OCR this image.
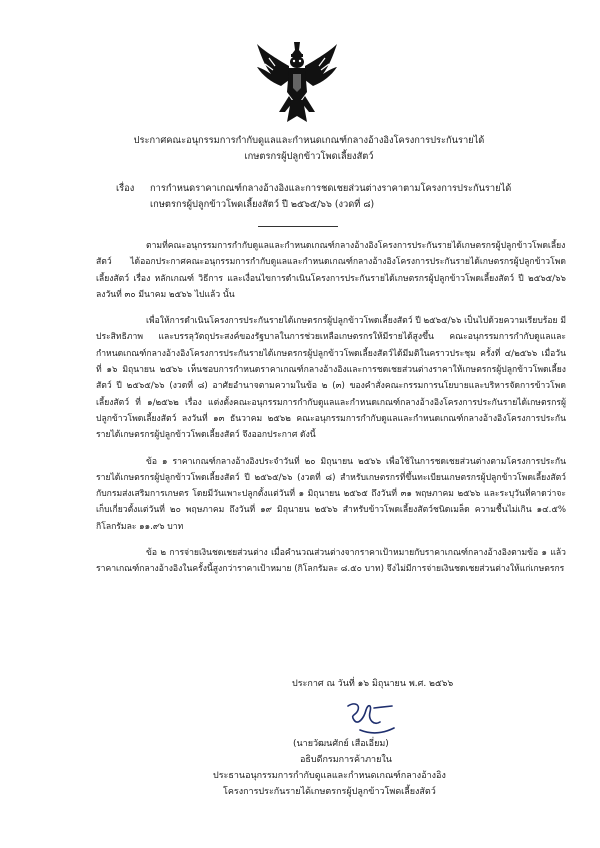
ประกาศคณะอนุกรรมการกำกับดูแลและกำหนดเกณฑ์กลางอ้างอิงโครงการประกันรายได้
เกษตรกรผู้ปลูกข้าวโพดเลี้ยงสัตว์
เรื่อง การกำหนดราคาเกณฑ์กลางอ้างอิงและการชดเชยส่วนต่างราคาตามโครงการประกันรายได้
เกษตรกรผู้ปลูกข้าวโพดเลี้ยงสัตว์ ปี ๒๕๖๕/๖๖ (งวดที่ ๘)

ตามที่คณะอนุกรรมการกำกับดูแลและกำหนดเกณฑ์กลางอ้างอิงโครงการประกันรายได้เกษตรกรผู้ปลูกข้าวโพดเลี้ยงสัตว์ ได้ออกประกาศคณะอนุกรรมการกำกับดูแลและกำหนดเกณฑ์กลางอ้างอิงโครงการประกันรายได้เกษตรกรผู้ปลูกข้าวโพดเลี้ยงสัตว์ เรื่อง หลักเกณฑ์ วิธีการ และเงื่อนไขการดำเนินโครงการประกันรายได้เกษตรกรผู้ปลูกข้าวโพดเลี้ยงสัตว์ ปี ๒๕๖๕/๖๖ ลงวันที่ ๓๐ มีนาคม ๒๕๖๖ ไปแล้ว นั้น

เพื่อให้การดำเนินโครงการประกันรายได้เกษตรกรผู้ปลูกข้าวโพดเลี้ยงสัตว์ ปี ๒๕๖๕/๖๖ เป็นไปด้วยความเรียบร้อย มีประสิทธิภาพ และบรรลุวัตถุประสงค์ของรัฐบาลในการช่วยเหลือเกษตรกรให้มีรายได้สูงขึ้น คณะอนุกรรมการกำกับดูแลและกำหนดเกณฑ์กลางอ้างอิงโครงการประกันรายได้เกษตรกรผู้ปลูกข้าวโพดเลี้ยงสัตว์ได้มีมติในคราวประชุม ครั้งที่ ๔/๒๕๖๖ เมื่อวันที่ ๑๖ มิถุนายน ๒๕๖๖ เห็นชอบการกำหนดราคาเกณฑ์กลางอ้างอิงและการชดเชยส่วนต่างราคาให้เกษตรกรผู้ปลูกข้าวโพดเลี้ยงสัตว์ ปี ๒๕๖๕/๖๖ (งวดที่ ๘) อาศัยอำนาจตามความในข้อ ๒ (๓) ของคำสั่งคณะกรรมการนโยบายและบริหารจัดการข้าวโพดเลี้ยงสัตว์ ที่ ๑/๒๕๖๒ เรื่อง แต่งตั้งคณะอนุกรรมการกำกับดูแลและกำหนดเกณฑ์กลางอ้างอิงโครงการประกันรายได้เกษตรกรผู้ปลูกข้าวโพดเลี้ยงสัตว์ ลงวันที่ ๑๓ ธันวาคม ๒๕๖๒ คณะอนุกรรมการกำกับดูแลและกำหนดเกณฑ์กลางอ้างอิงโครงการประกันรายได้เกษตรกรผู้ปลูกข้าวโพดเลี้ยงสัตว์ จึงออกประกาศ ดังนี้

ข้อ ๑ ราคาเกณฑ์กลางอ้างอิงประจำวันที่ ๒๐ มิถุนายน ๒๕๖๖ เพื่อใช้ในการชดเชยส่วนต่างตามโครงการประกันรายได้เกษตรกรผู้ปลูกข้าวโพดเลี้ยงสัตว์ ปี ๒๕๖๕/๖๖ (งวดที่ ๘) สำหรับเกษตรกรที่ขึ้นทะเบียนเกษตรกรผู้ปลูกข้าวโพดเลี้ยงสัตว์กับกรมส่งเสริมการเกษตร โดยมีวันเพาะปลูกตั้งแต่วันที่ ๑ มิถุนายน ๒๕๖๕ ถึงวันที่ ๓๑ พฤษภาคม ๒๕๖๖ และระบุวันที่คาดว่าจะเก็บเกี่ยวตั้งแต่วันที่ ๒๐ พฤษภาคม ถึงวันที่ ๑๙ มิถุนายน ๒๕๖๖ สำหรับข้าวโพดเลี้ยงสัตว์ชนิดเมล็ด ความชื้นไม่เกิน ๑๔.๕% กิโลกรัมละ ๑๑.๙๖ บาท

ข้อ ๒ การจ่ายเงินชดเชยส่วนต่าง เมื่อคำนวณส่วนต่างจากราคาเป้าหมายกับราคาเกณฑ์กลางอ้างอิงตามข้อ ๑ แล้ว ราคาเกณฑ์กลางอ้างอิงในครั้งนี้สูงกว่าราคาเป้าหมาย (กิโลกรัมละ ๘.๕๐ บาท) จึงไม่มีการจ่ายเงินชดเชยส่วนต่างให้แก่เกษตรกร

ประกาศ ณ วันที่ ๑๖ มิถุนายน พ.ศ. ๒๕๖๖
(นายวัฒนศักย์ เสือเอี่ยม)
อธิบดีกรมการค้าภายใน
ประธานอนุกรรมการกำกับดูแลและกำหนดเกณฑ์กลางอ้างอิง
โครงการประกันรายได้เกษตรกรผู้ปลูกข้าวโพดเลี้ยงสัตว์
